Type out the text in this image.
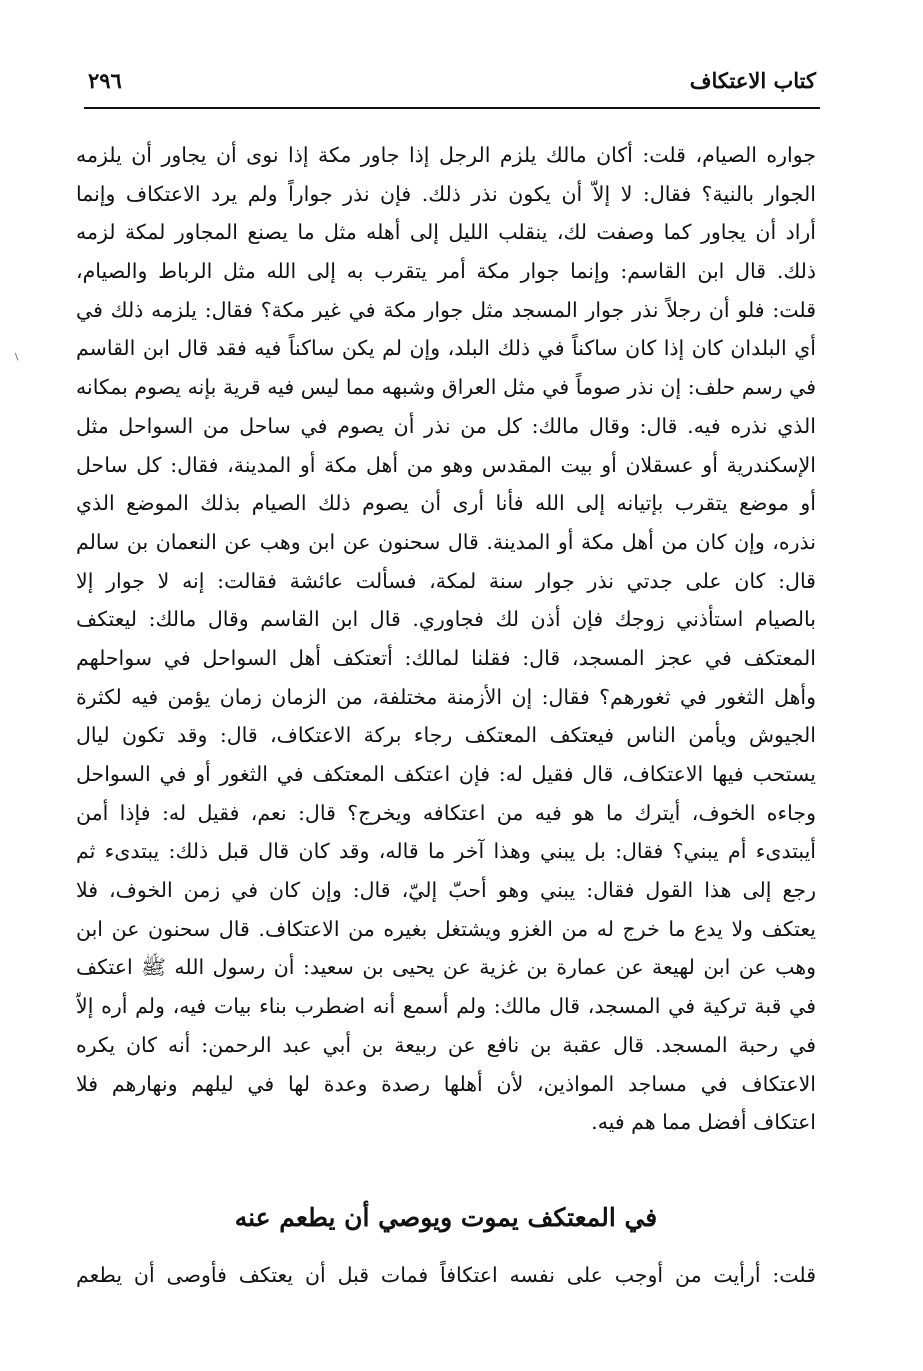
كتاب الاعتكاف
٢٩٦
جواره الصيام، قلت: أكان مالك يلزم الرجل إذا جاور مكة إذا نوى أن يجاور أن يلزمه
الجوار بالنية؟ فقال: لا إلاّ أن يكون نذر ذلك. فإن نذر جواراً ولم يرد الاعتكاف وإنما
أراد أن يجاور كما وصفت لك، ينقلب الليل إلى أهله مثل ما يصنع المجاور لمكة لزمه
ذلك. قال ابن القاسم: وإنما جوار مكة أمر يتقرب به إلى الله مثل الرباط والصيام،
قلت: فلو أن رجلاً نذر جوار المسجد مثل جوار مكة في غير مكة؟ فقال: يلزمه ذلك في
أي البلدان كان إذا كان ساكناً في ذلك البلد، وإن لم يكن ساكناً فيه فقد قال ابن القاسم
في رسم حلف: إن نذر صوماً في مثل العراق وشبهه مما ليس فيه قرية بإنه يصوم بمكانه
الذي نذره فيه. قال: وقال مالك: كل من نذر أن يصوم في ساحل من السواحل مثل
الإسكندرية أو عسقلان أو بيت المقدس وهو من أهل مكة أو المدينة، فقال: كل ساحل
أو موضع يتقرب بإتيانه إلى الله فأنا أرى أن يصوم ذلك الصيام بذلك الموضع الذي
نذره، وإن كان من أهل مكة أو المدينة. قال سحنون عن ابن وهب عن النعمان بن سالم
قال: كان على جدتي نذر جوار سنة لمكة، فسألت عائشة فقالت: إنه لا جوار إلا
بالصيام استأذني زوجك فإن أذن لك فجاوري. قال ابن القاسم وقال مالك: ليعتكف
المعتكف في عجز المسجد، قال: فقلنا لمالك: أتعتكف أهل السواحل في سواحلهم
وأهل الثغور في ثغورهم؟ فقال: إن الأزمنة مختلفة، من الزمان زمان يؤمن فيه لكثرة
الجيوش ويأمن الناس فيعتكف المعتكف رجاء بركة الاعتكاف، قال: وقد تكون ليال
يستحب فيها الاعتكاف، قال فقيل له: فإن اعتكف المعتكف في الثغور أو في السواحل
وجاءه الخوف، أيترك ما هو فيه من اعتكافه ويخرج؟ قال: نعم، فقيل له: فإذا أمن
أيبتدىء أم يبني؟ فقال: بل يبني وهذا آخر ما قاله، وقد كان قال قبل ذلك: يبتدىء ثم
رجع إلى هذا القول فقال: يبني وهو أحبّ إليّ، قال: وإن كان في زمن الخوف، فلا
يعتكف ولا يدع ما خرج له من الغزو ويشتغل بغيره من الاعتكاف. قال سحنون عن ابن
وهب عن ابن لهيعة عن عمارة بن غزية عن يحيى بن سعيد: أن رسول الله ﷺ اعتكف
في قبة تركية في المسجد، قال مالك: ولم أسمع أنه اضطرب بناء بيات فيه، ولم أره إلاّ
في رحبة المسجد. قال عقبة بن نافع عن ربيعة بن أبي عبد الرحمن: أنه كان يكره
الاعتكاف في مساجد المواذين، لأن أهلها رصدة وعدة لها في ليلهم ونهارهم فلا
اعتكاف أفضل مما هم فيه.
في المعتكف يموت ويوصي أن يطعم عنه
قلت: أرأيت من أوجب على نفسه اعتكافاً فمات قبل أن يعتكف فأوصى أن يطعم
